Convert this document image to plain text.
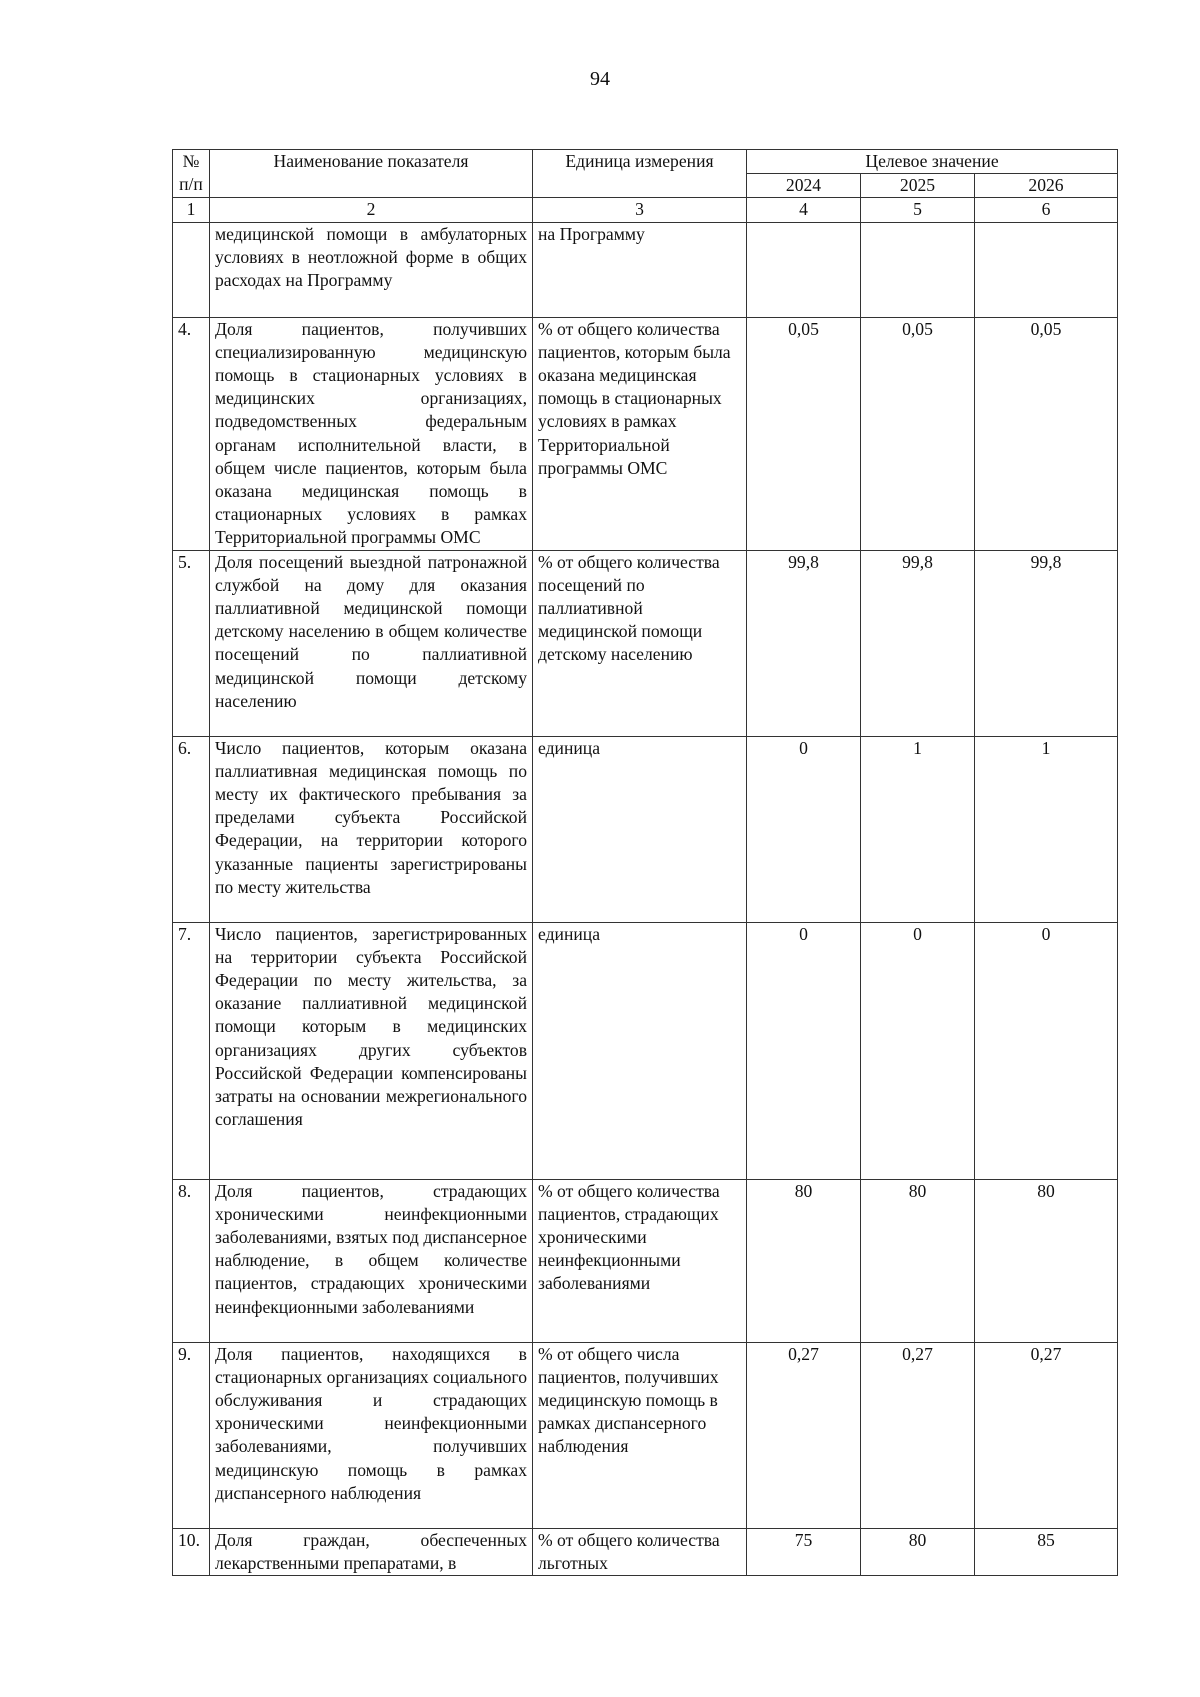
94
№
п/п	Наименование показателя	Единица измерения	Целевое значение		
			2024	2025	2026
1	2	3	4	5	6
	медицинской помощи в амбулаторных условиях в неотложной форме в общих расходах на Программу	на Программу			
4.	Доля пациентов, получивших специализированную медицинскую помощь в стационарных условиях в медицинских организациях, подведомственных федеральным органам исполнительной власти, в общем числе пациентов, которым была оказана медицинская помощь в стационарных условиях в рамках Территориальной программы ОМС	% от общего количества пациентов, которым была оказана медицинская помощь в стационарных условиях в рамках Территориальной программы ОМС	0,05	0,05	0,05
5.	Доля посещений выездной патронажной службой на дому для оказания паллиативной медицинской помощи детскому населению в общем количестве посещений по паллиативной медицинской помощи детскому населению	% от общего количества посещений по паллиативной медицинской помощи детскому населению	99,8	99,8	99,8
6.	Число пациентов, которым оказана паллиативная медицинская помощь по месту их фактического пребывания за пределами субъекта Российской Федерации, на территории которого указанные пациенты зарегистрированы по месту жительства	единица	0	1	1
7.	Число пациентов, зарегистрированных на территории субъекта Российской Федерации по месту жительства, за оказание паллиативной медицинской помощи которым в медицинских организациях других субъектов Российской Федерации компенсированы затраты на основании межрегионального соглашения	единица	0	0	0
8.	Доля пациентов, страдающих хроническими неинфекционными заболеваниями, взятых под диспансерное наблюдение, в общем количестве пациентов, страдающих хроническими неинфекционными заболеваниями	% от общего количества пациентов, страдающих хроническими неинфекционными заболеваниями	80	80	80
9.	Доля пациентов, находящихся в стационарных организациях социального обслуживания и страдающих хроническими неинфекционными заболеваниями, получивших медицинскую помощь в рамках диспансерного наблюдения	% от общего числа пациентов, получивших медицинскую помощь в рамках диспансерного наблюдения	0,27	0,27	0,27
10.	Доля граждан, обеспеченных лекарственными препаратами, в	% от общего количества льготных	75	80	85
